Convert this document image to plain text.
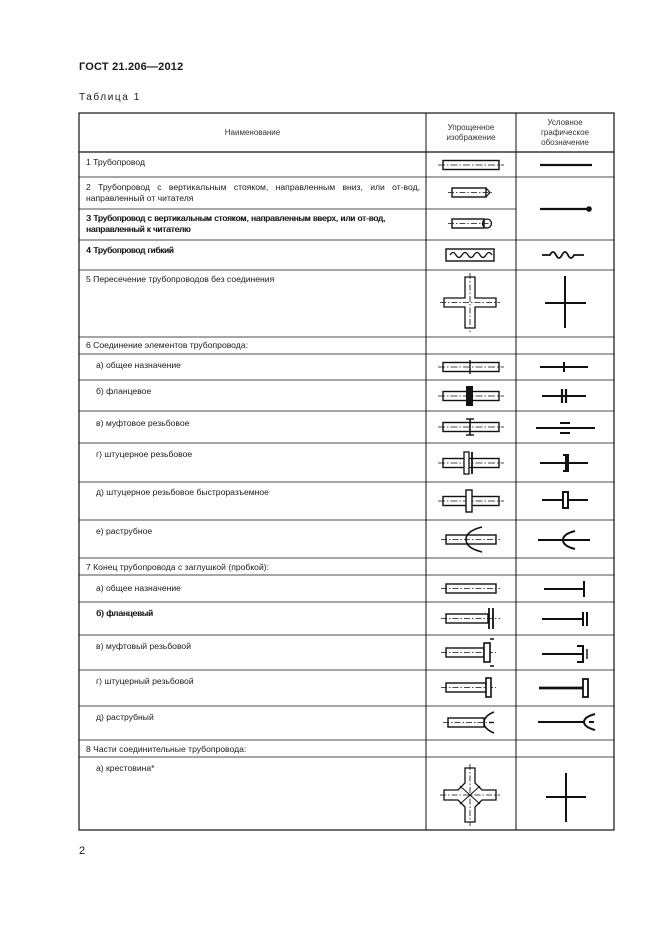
ГОСТ 21.206—2012
Таблица 1
Наименование
Упрощенное изображение
Условное графическое обозначение
1 Трубопровод
2 Трубопровод с вертикальным стояком, направленным вниз, или от-вод, направленный от читателя
3 Трубопровод с вертикальным стояком, направленным вверх, или от-вод, направленный к читателю
4 Трубопровод гибкий
5 Пересечение трубопроводов без соединения
6 Соединение элементов трубопровода:
а) общее назначение
б) фланцевое
в) муфтовое резьбовое
г) штуцерное резьбовое
д) штуцерное резьбовое быстроразъемное
е) раструбное
7 Конец трубопровода с заглушкой (пробкой):
а) общее назначение
б) фланцевый
в) муфтовый резьбовой
г) штуцерный резьбовой
д) раструбный
8 Части соединительные трубопровода:
а) крестовина*
2
